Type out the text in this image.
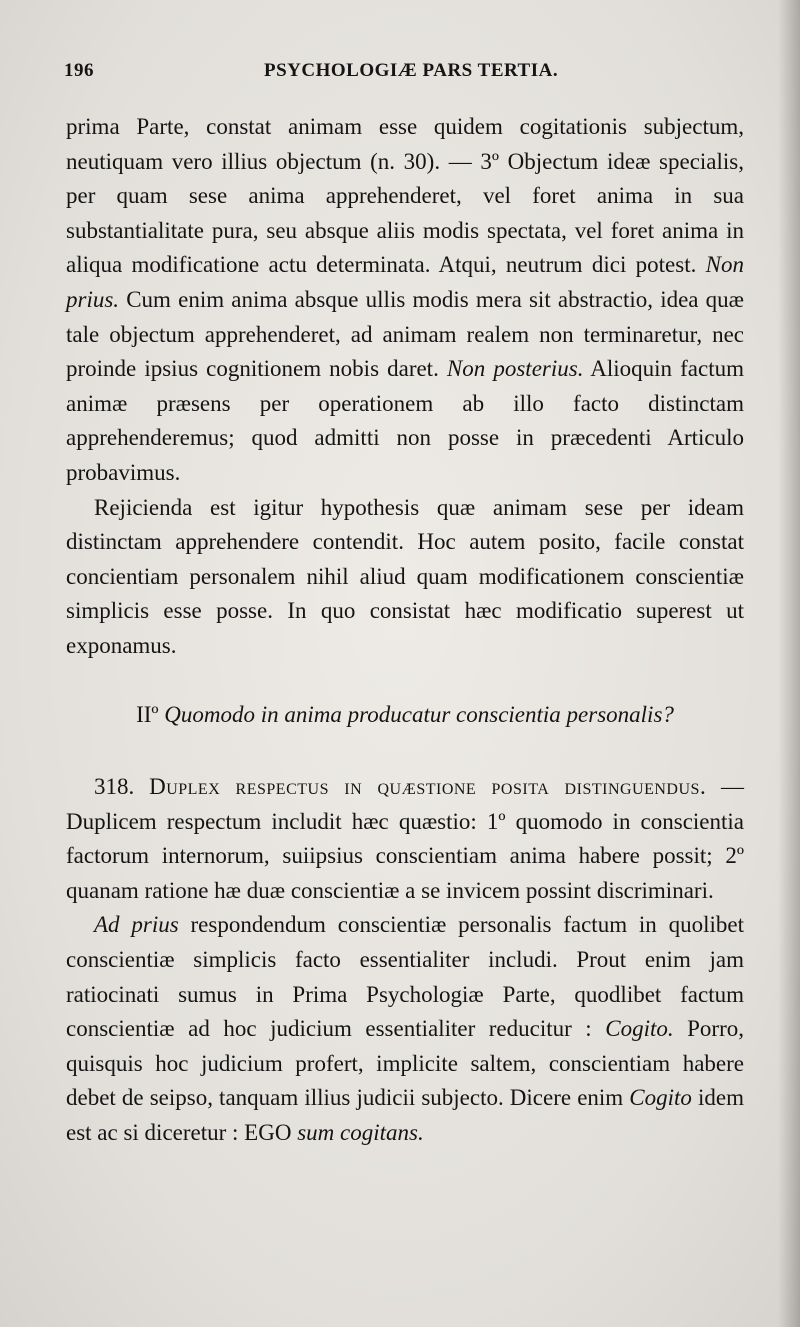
196	PSYCHOLOGIÆ PARS TERTIA.

prima Parte, constat animam esse quidem cogitationis subjectum, neutiquam vero illius objectum (n. 30). — 3º Objectum ideæ specialis, per quam sese anima apprehenderet, vel foret anima in sua substantialitate pura, seu absque aliis modis spectata, vel foret anima in aliqua modificatione actu determinata. Atqui, neutrum dici potest. Non prius. Cum enim anima absque ullis modis mera sit abstractio, idea quæ tale objectum apprehenderet, ad animam realem non terminaretur, nec proinde ipsius cognitionem nobis daret. Non posterius. Alioquin factum animæ præsens per operationem ab illo facto distinctam apprehenderemus; quod admitti non posse in præcedenti Articulo probavimus.

Rejicienda est igitur hypothesis quæ animam sese per ideam distinctam apprehendere contendit. Hoc autem posito, facile constat concientiam personalem nihil aliud quam modificationem conscientiæ simplicis esse posse. In quo consistat hæc modificatio superest ut exponamus.

IIº Quomodo in anima producatur conscientia personalis?

318. Duplex respectus in quæstione posita distinguendus. — Duplicem respectum includit hæc quæstio: 1º quomodo in conscientia factorum internorum, suiipsius conscientiam anima habere possit; 2º quanam ratione hæ duæ conscientiæ a se invicem possint discriminari.

Ad prius respondendum conscientiæ personalis factum in quolibet conscientiæ simplicis facto essentialiter includi. Prout enim jam ratiocinati sumus in Prima Psychologiæ Parte, quodlibet factum conscientiæ ad hoc judicium essentialiter reducitur : Cogito. Porro, quisquis hoc judicium profert, implicite saltem, conscientiam habere debet de seipso, tanquam illius judicii subjecto. Dicere enim Cogito idem est ac si diceretur : EGO sum cogitans.
